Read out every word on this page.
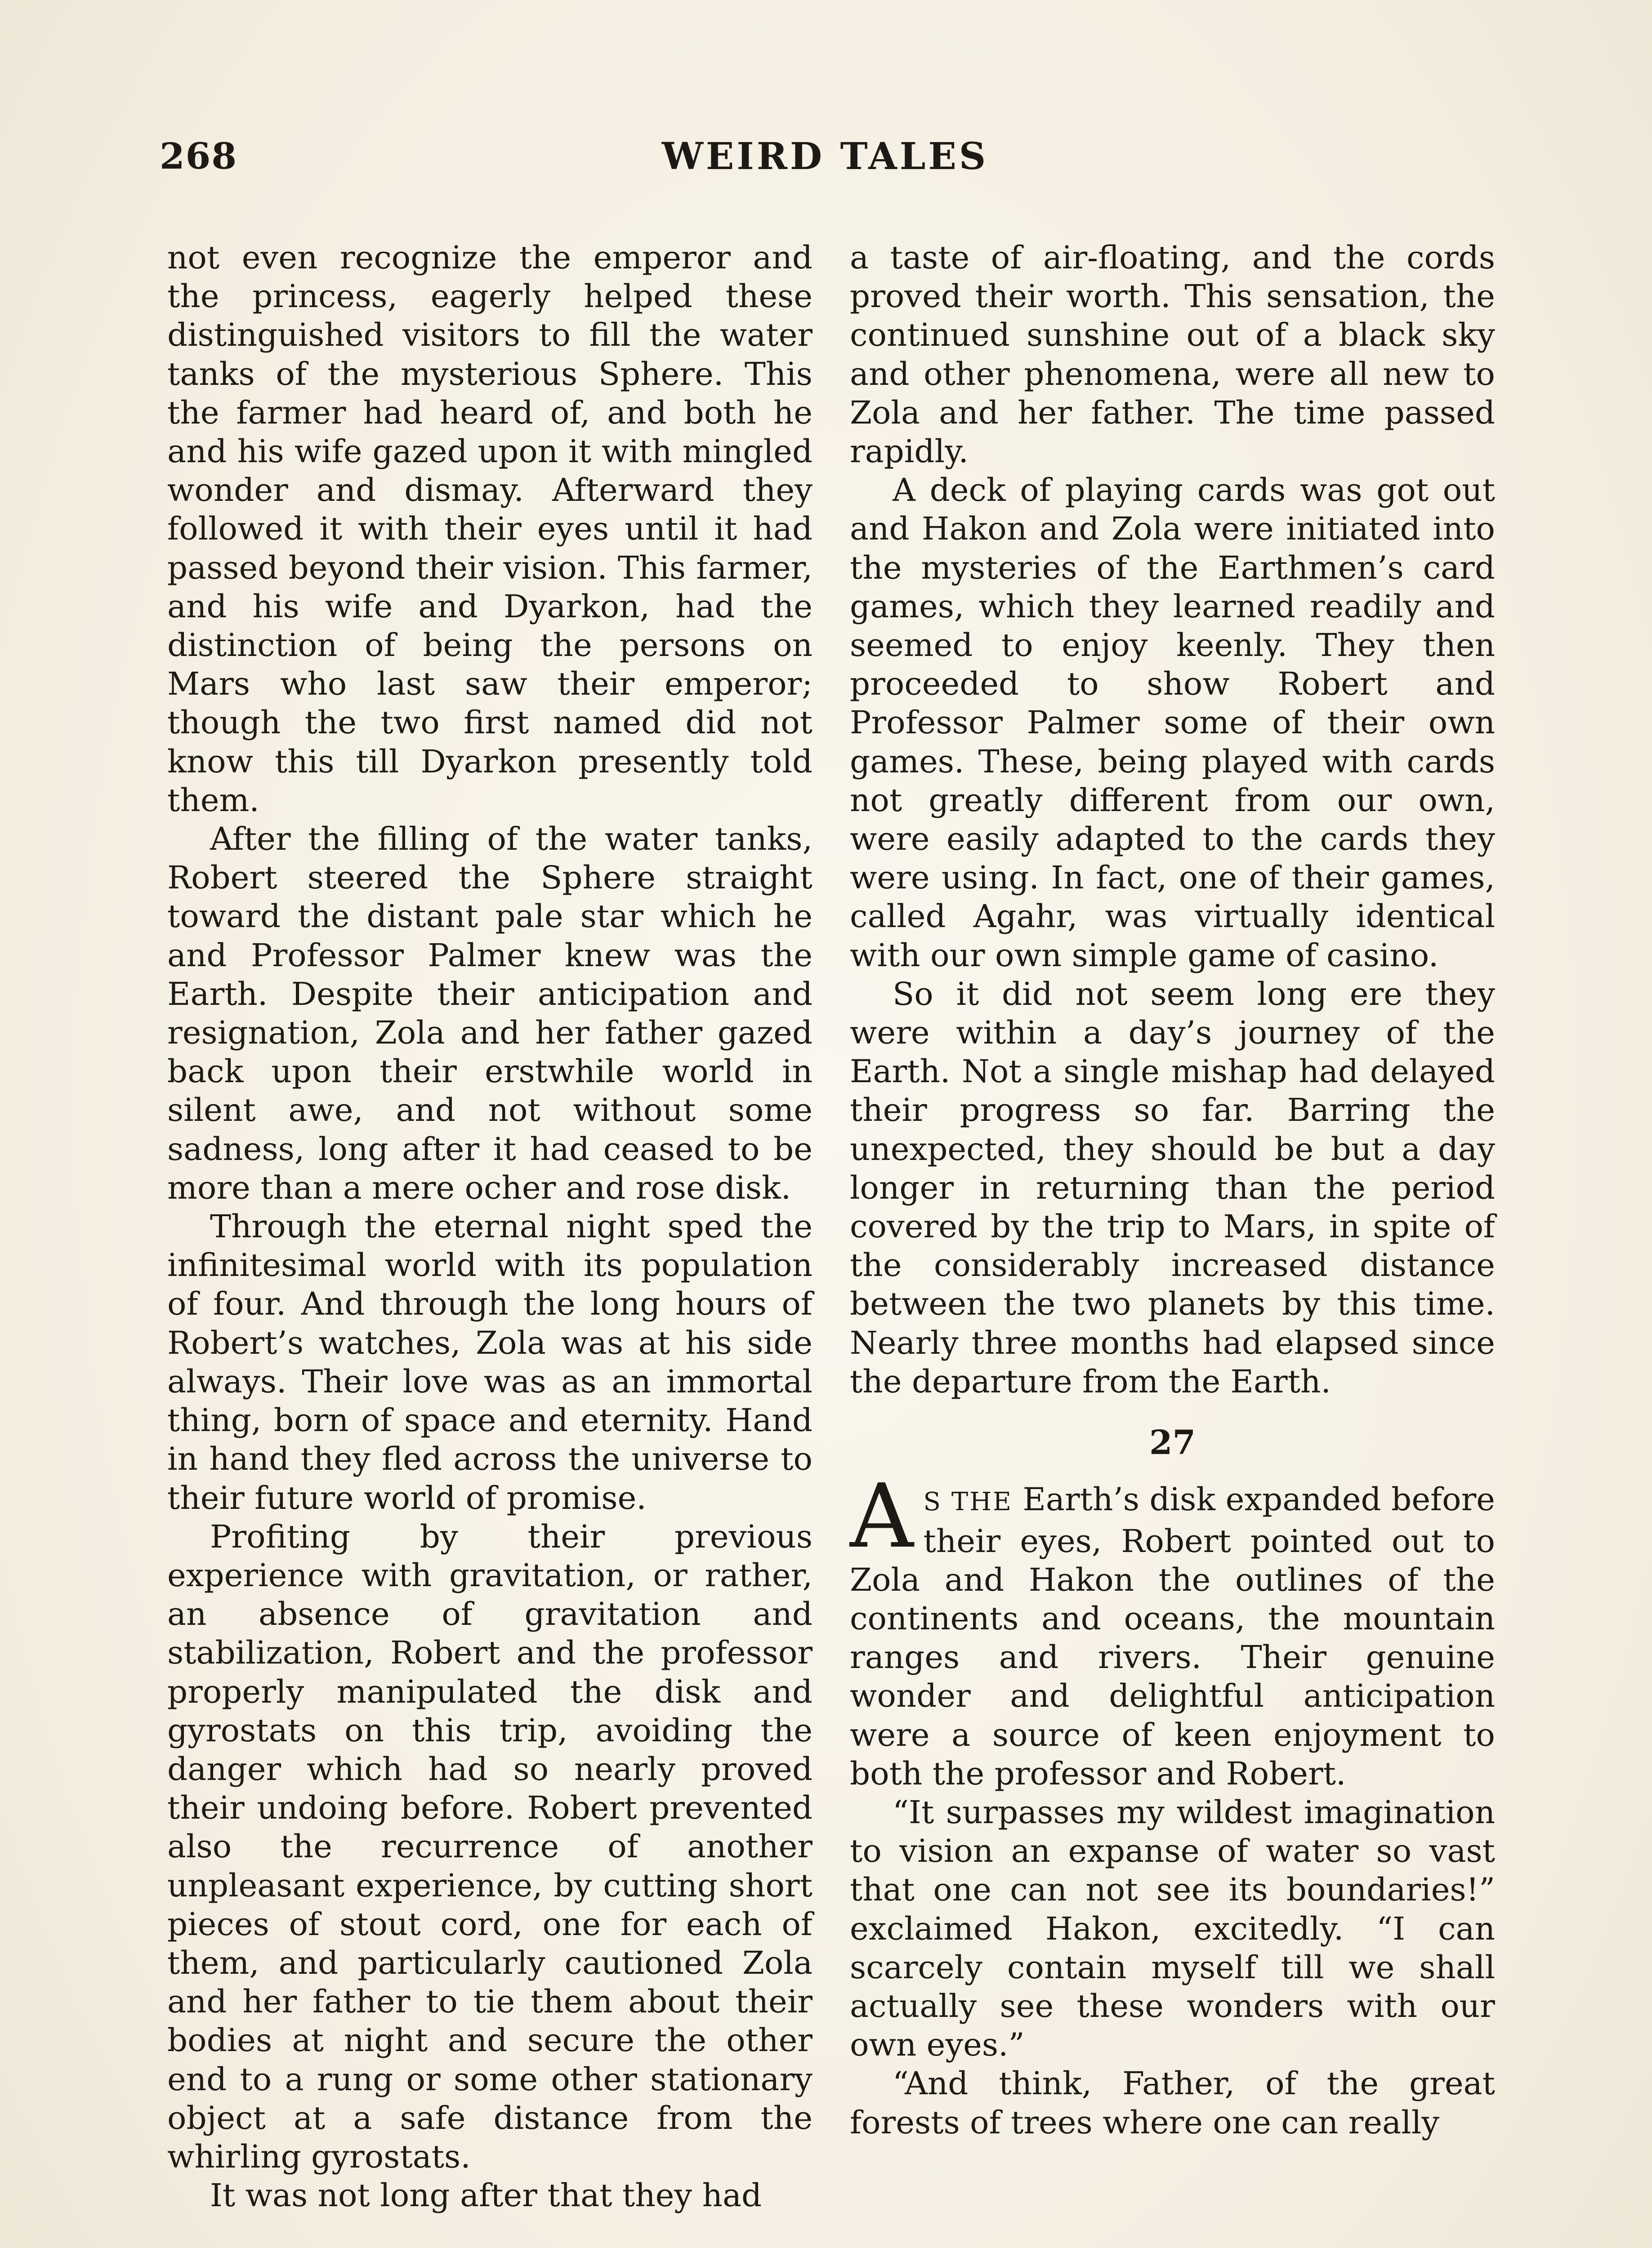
268	WEIRD TALES

not even recognize the emperor and the princess, eagerly helped these distinguished visitors to fill the water tanks of the mysterious Sphere. This the farmer had heard of, and both he and his wife gazed upon it with mingled wonder and dismay. Afterward they followed it with their eyes until it had passed beyond their vision. This farmer, and his wife and Dyarkon, had the distinction of being the persons on Mars who last saw their emperor; though the two first named did not know this till Dyarkon presently told them.

After the filling of the water tanks, Robert steered the Sphere straight toward the distant pale star which he and Professor Palmer knew was the Earth. Despite their anticipation and resignation, Zola and her father gazed back upon their erstwhile world in silent awe, and not without some sadness, long after it had ceased to be more than a mere ocher and rose disk.

Through the eternal night sped the infinitesimal world with its population of four. And through the long hours of Robert’s watches, Zola was at his side always. Their love was as an immortal thing, born of space and eternity. Hand in hand they fled across the universe to their future world of promise.

Profiting by their previous experience with gravitation, or rather, an absence of gravitation and stabilization, Robert and the professor properly manipulated the disk and gyrostats on this trip, avoiding the danger which had so nearly proved their undoing before. Robert prevented also the recurrence of another unpleasant experience, by cutting short pieces of stout cord, one for each of them, and particularly cautioned Zola and her father to tie them about their bodies at night and secure the other end to a rung or some other stationary object at a safe distance from the whirling gyrostats.

It was not long after that they had

a taste of air-floating, and the cords proved their worth. This sensation, the continued sunshine out of a black sky and other phenomena, were all new to Zola and her father. The time passed rapidly.

A deck of playing cards was got out and Hakon and Zola were initiated into the mysteries of the Earthmen’s card games, which they learned readily and seemed to enjoy keenly. They then proceeded to show Robert and Professor Palmer some of their own games. These, being played with cards not greatly different from our own, were easily adapted to the cards they were using. In fact, one of their games, called Agahr, was virtually identical with our own simple game of casino.

So it did not seem long ere they were within a day’s journey of the Earth. Not a single mishap had delayed their progress so far. Barring the unexpected, they should be but a day longer in returning than the period covered by the trip to Mars, in spite of the considerably increased distance between the two planets by this time. Nearly three months had elapsed since the departure from the Earth.

27

A S THE Earth’s disk expanded before their eyes, Robert pointed out to Zola and Hakon the outlines of the continents and oceans, the mountain ranges and rivers. Their genuine wonder and delightful anticipation were a source of keen enjoyment to both the professor and Robert.

“It surpasses my wildest imagination to vision an expanse of water so vast that one can not see its boundaries!” exclaimed Hakon, excitedly. “I can scarcely contain myself till we shall actually see these wonders with our own eyes.”

“And think, Father, of the great forests of trees where one can really
